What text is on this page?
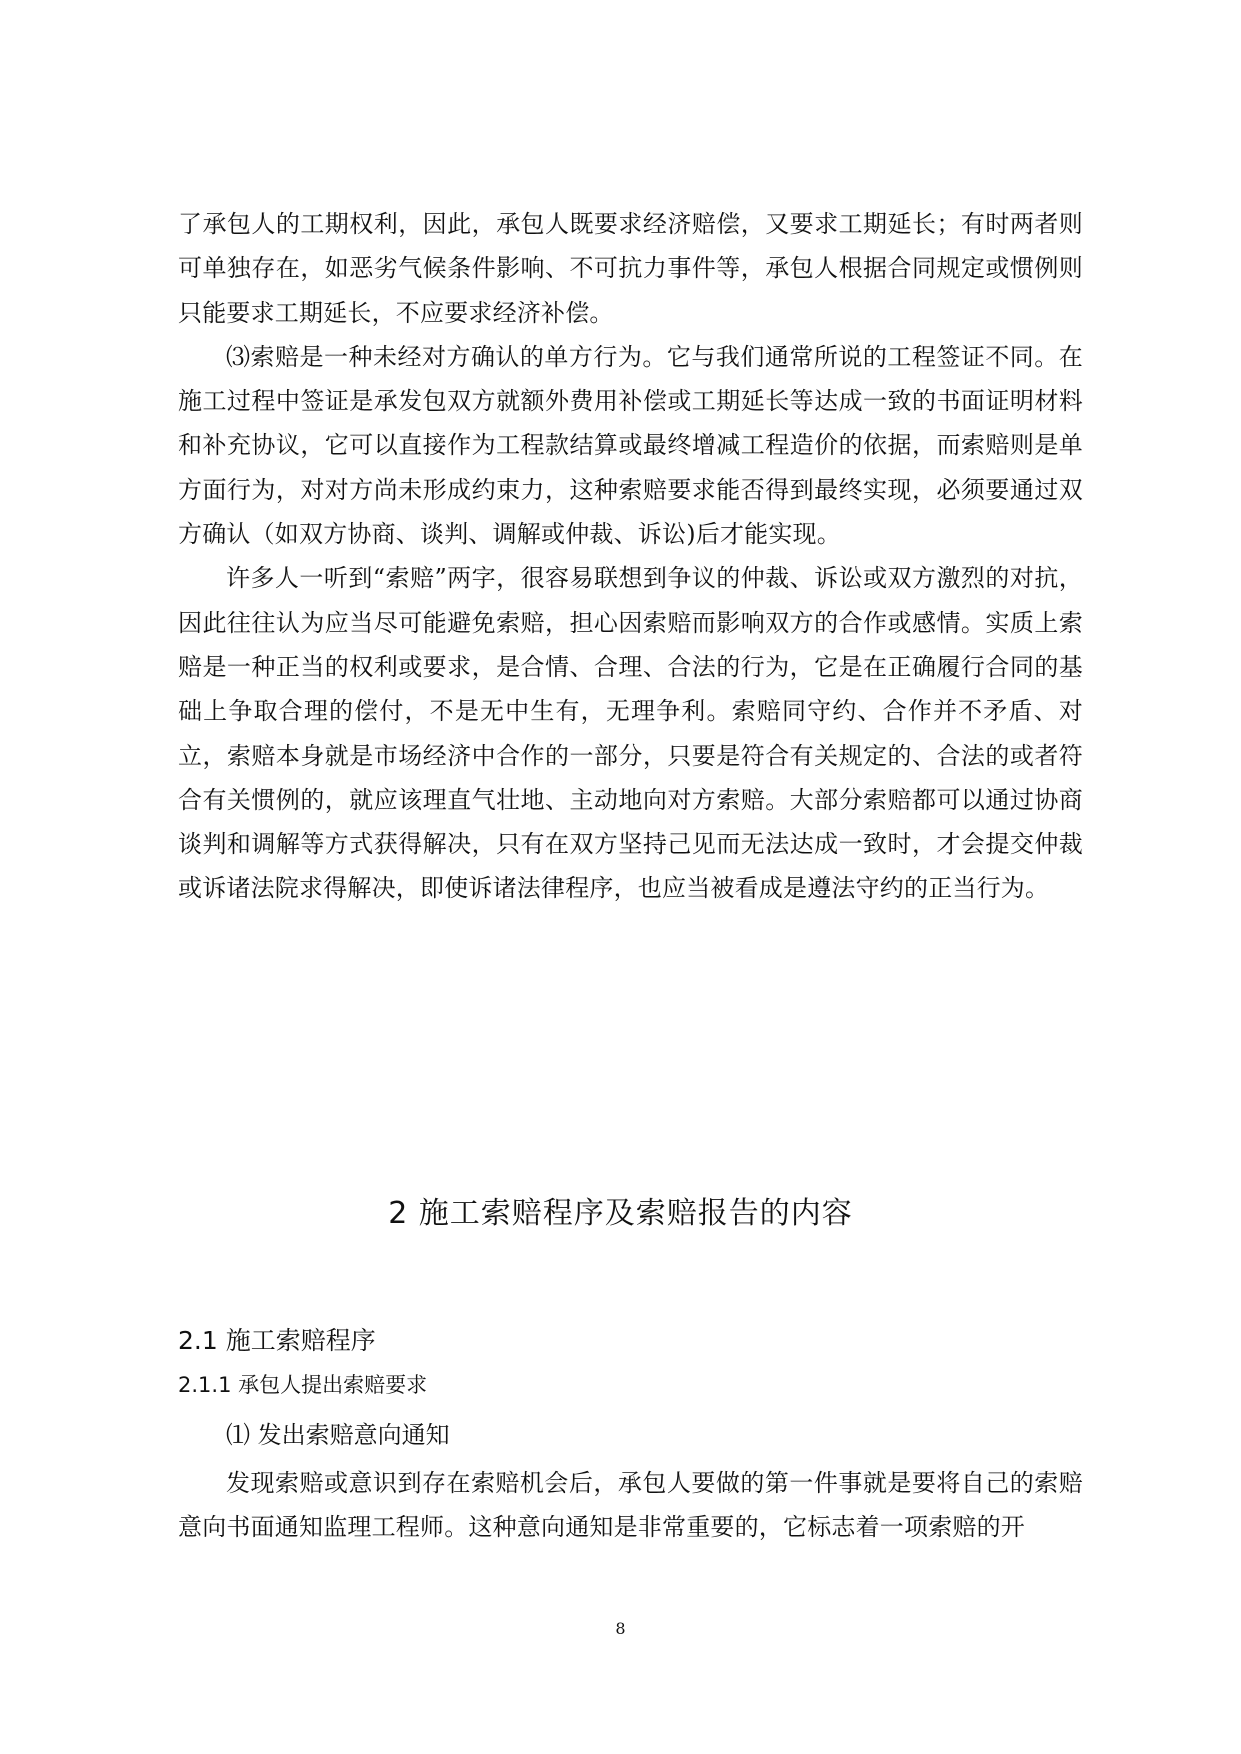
了承包人的工期权利，因此，承包人既要求经济赔偿，又要求工期延长；有时两者则可单独存在，如恶劣气候条件影响、不可抗力事件等，承包人根据合同规定或惯例则只能要求工期延长，不应要求经济补偿。

⑶索赔是一种未经对方确认的单方行为。它与我们通常所说的工程签证不同。在施工过程中签证是承发包双方就额外费用补偿或工期延长等达成一致的书面证明材料和补充协议，它可以直接作为工程款结算或最终增减工程造价的依据，而索赔则是单方面行为，对对方尚未形成约束力，这种索赔要求能否得到最终实现，必须要通过双方确认（如双方协商、谈判、调解或仲裁、诉讼)后才能实现。

许多人一听到“索赔”两字，很容易联想到争议的仲裁、诉讼或双方激烈的对抗，因此往往认为应当尽可能避免索赔，担心因索赔而影响双方的合作或感情。实质上索赔是一种正当的权利或要求，是合情、合理、合法的行为，它是在正确履行合同的基础上争取合理的偿付，不是无中生有，无理争利。索赔同守约、合作并不矛盾、对立，索赔本身就是市场经济中合作的一部分，只要是符合有关规定的、合法的或者符合有关惯例的，就应该理直气壮地、主动地向对方索赔。大部分索赔都可以通过协商谈判和调解等方式获得解决，只有在双方坚持己见而无法达成一致时，才会提交仲裁或诉诸法院求得解决，即使诉诸法律程序，也应当被看成是遵法守约的正当行为。

2 施工索赔程序及索赔报告的内容
2.1 施工索赔程序
2.1.1 承包人提出索赔要求
⑴ 发出索赔意向通知

发现索赔或意识到存在索赔机会后，承包人要做的第一件事就是要将自己的索赔意向书面通知监理工程师。这种意向通知是非常重要的，它标志着一项索赔的开

8
